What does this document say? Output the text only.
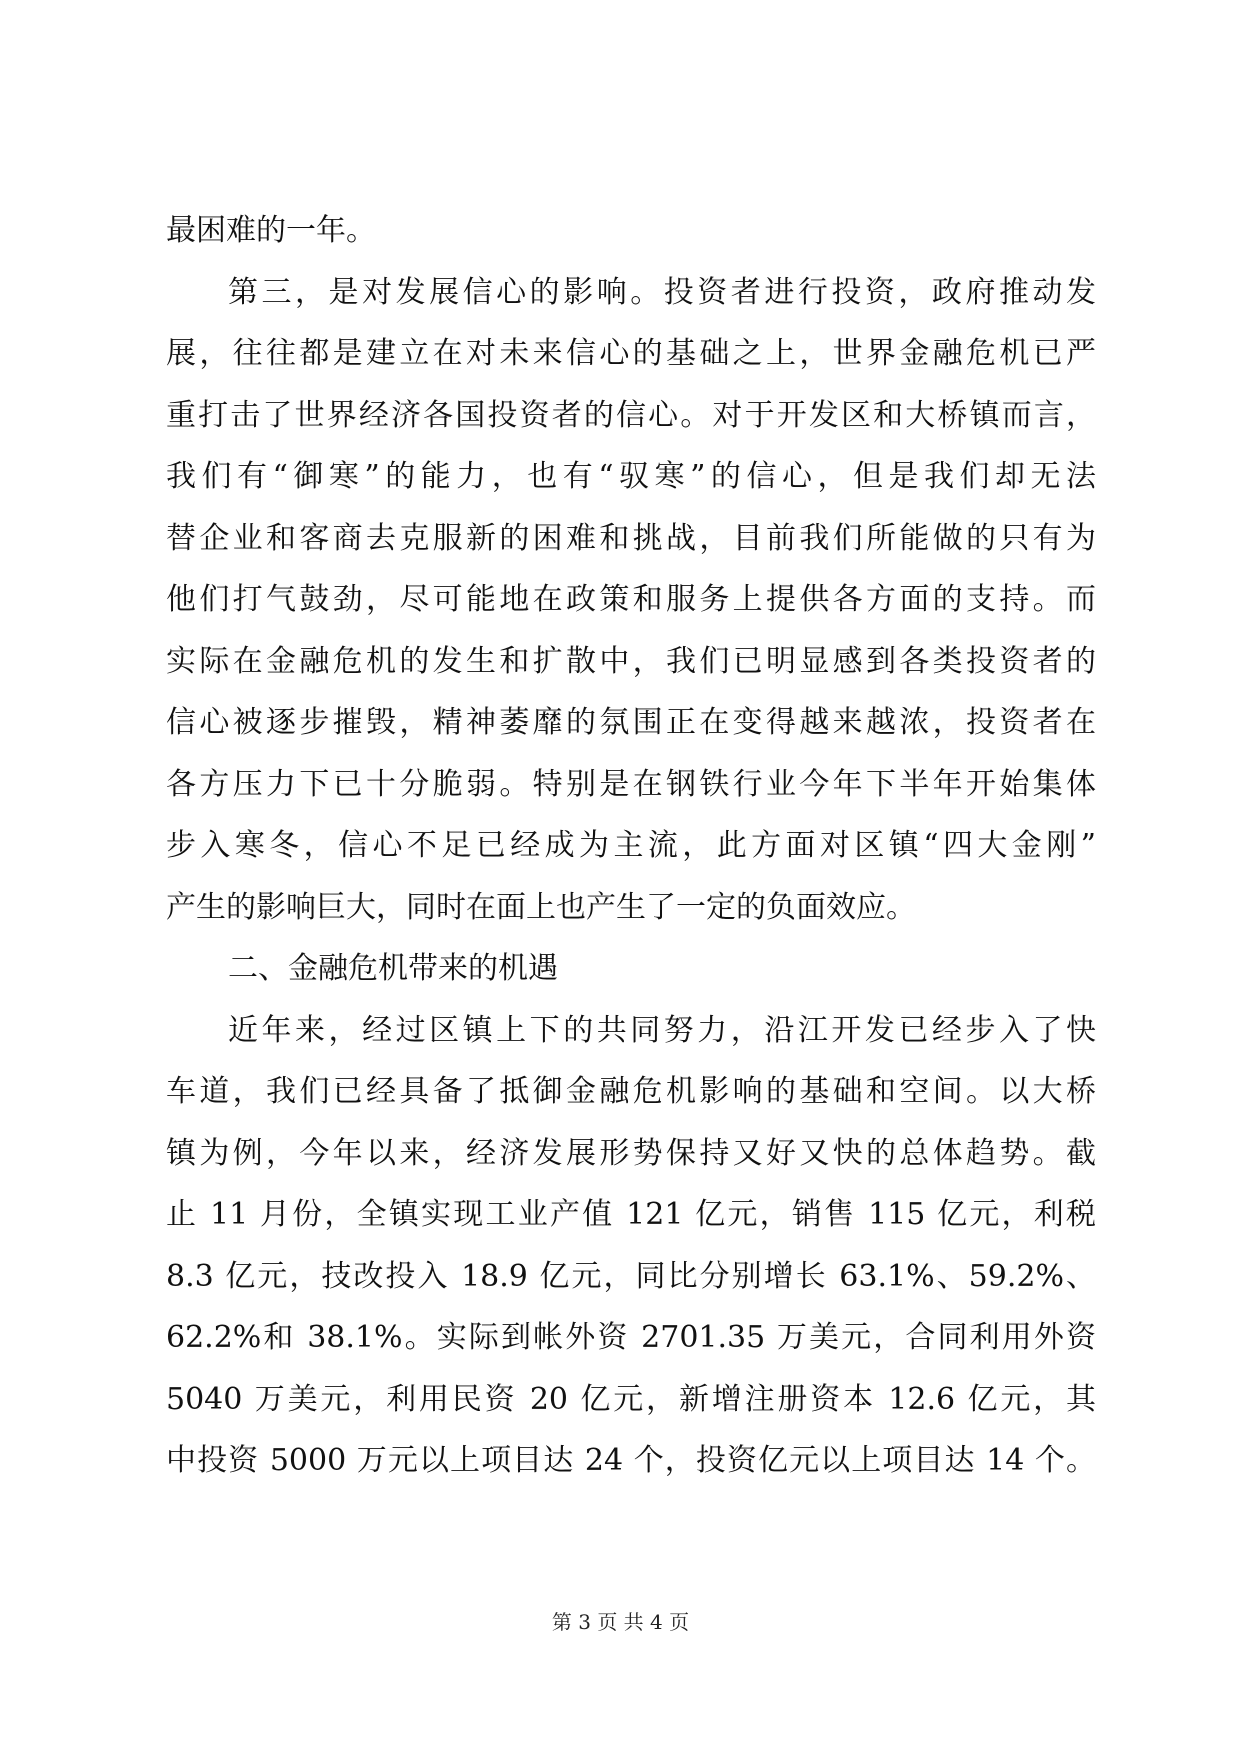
最困难的一年。
第三，是对发展信心的影响。投资者进行投资，政府推动发
展，往往都是建立在对未来信心的基础之上，世界金融危机已严
重打击了世界经济各国投资者的信心。对于开发区和大桥镇而言，
我们有“御寒”的能力，也有“驭寒”的信心，但是我们却无法
替企业和客商去克服新的困难和挑战，目前我们所能做的只有为
他们打气鼓劲，尽可能地在政策和服务上提供各方面的支持。而
实际在金融危机的发生和扩散中，我们已明显感到各类投资者的
信心被逐步摧毁，精神萎靡的氛围正在变得越来越浓，投资者在
各方压力下已十分脆弱。特别是在钢铁行业今年下半年开始集体
步入寒冬，信心不足已经成为主流，此方面对区镇“四大金刚”
产生的影响巨大，同时在面上也产生了一定的负面效应。
二、金融危机带来的机遇
近年来，经过区镇上下的共同努力，沿江开发已经步入了快
车道，我们已经具备了抵御金融危机影响的基础和空间。以大桥
镇为例，今年以来，经济发展形势保持又好又快的总体趋势。截
止 11 月份，全镇实现工业产值 121 亿元，销售 115 亿元，利税
8.3 亿元，技改投入 18.9 亿元，同比分别增长 63.1%、59.2%、
62.2%和 38.1%。实际到帐外资 2701.35 万美元，合同利用外资
5040 万美元，利用民资 20 亿元，新增注册资本 12.6 亿元，其
中投资 5000 万元以上项目达 24 个，投资亿元以上项目达 14 个。
第 3 页 共 4 页
